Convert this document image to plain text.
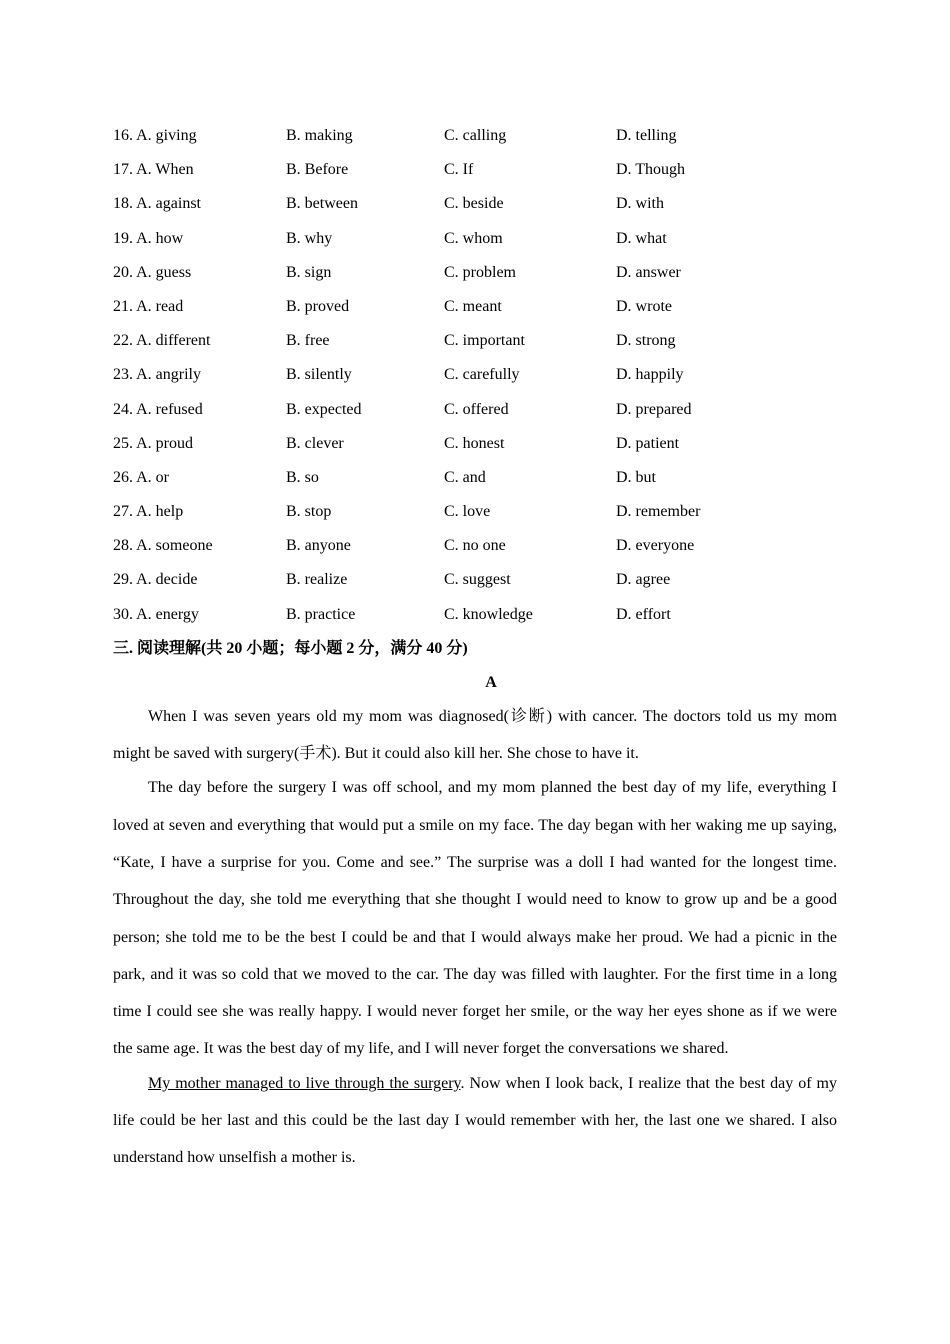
16. A. giving	B. making	C. calling	D. telling
17. A. When	B. Before	C. If	D. Though
18. A. against	B. between	C. beside	D. with
19. A. how	B. why	C. whom	D. what
20. A. guess	B. sign	C. problem	D. answer
21. A. read	B. proved	C. meant	D. wrote
22. A. different	B. free	C. important	D. strong
23. A. angrily	B. silently	C. carefully	D. happily
24. A. refused	B. expected	C. offered	D. prepared
25. A. proud	B. clever	C. honest	D. patient
26. A. or	B. so	C. and	D. but
27. A. help	B. stop	C. love	D. remember
28. A. someone	B. anyone	C. no one	D. everyone
29. A. decide	B. realize	C. suggest	D. agree
30. A. energy	B. practice	C. knowledge	D. effort
三. 阅读理解(共 20 小题；每小题 2 分，满分 40 分)
A

When I was seven years old my mom was diagnosed(诊断) with cancer. The doctors told us my mom might be saved with surgery(手术). But it could also kill her. She chose to have it.

The day before the surgery I was off school, and my mom planned the best day of my life, everything I loved at seven and everything that would put a smile on my face. The day began with her waking me up saying, “Kate, I have a surprise for you. Come and see.” The surprise was a doll I had wanted for the longest time. Throughout the day, she told me everything that she thought I would need to know to grow up and be a good person; she told me to be the best I could be and that I would always make her proud. We had a picnic in the park, and it was so cold that we moved to the car. The day was filled with laughter. For the first time in a long time I could see she was really happy. I would never forget her smile, or the way her eyes shone as if we were the same age. It was the best day of my life, and I will never forget the conversations we shared.

My mother managed to live through the surgery. Now when I look back, I realize that the best day of my life could be her last and this could be the last day I would remember with her, the last one we shared. I also understand how unselfish a mother is.
